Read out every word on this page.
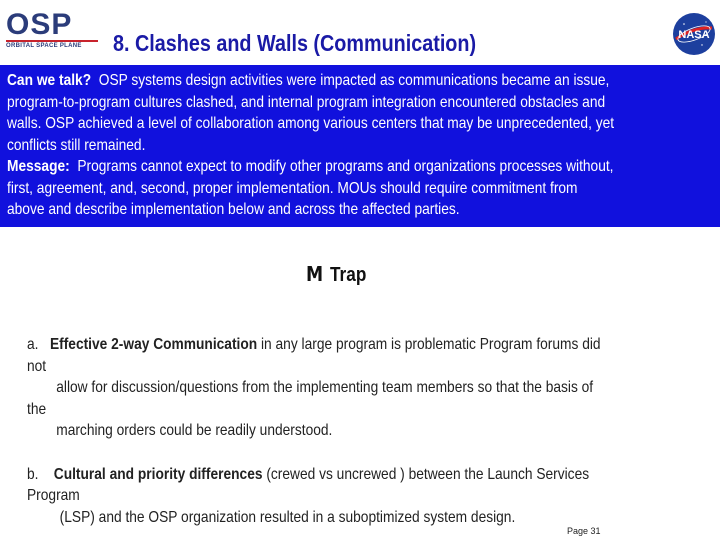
OSP
ORBITAL SPACE PLANE	8. Clashes and Walls (Communication)	NASA
Can we talk? OSP systems design activities were impacted as communications became an issue,
program-to-program cultures clashed, and internal program integration encountered obstacles and
walls. OSP achieved a level of collaboration among various centers that may be unprecedented, yet
conflicts still remained.
Message: Programs cannot expect to modify other programs and organizations processes without,
first, agreement, and, second, proper implementation. MOUs should require commitment from
above and describe implementation below and across the affected parties.
M Trap
a. Effective 2-way Communication in any large program is problematic Program forums did
not
allow for discussion/questions from the implementing team members so that the basis of
the
marching orders could be readily understood.
b. Cultural and priority differences (crewed vs uncrewed ) between the Launch Services
Program
(LSP) and the OSP organization resulted in a suboptimized system design.
Page 31
